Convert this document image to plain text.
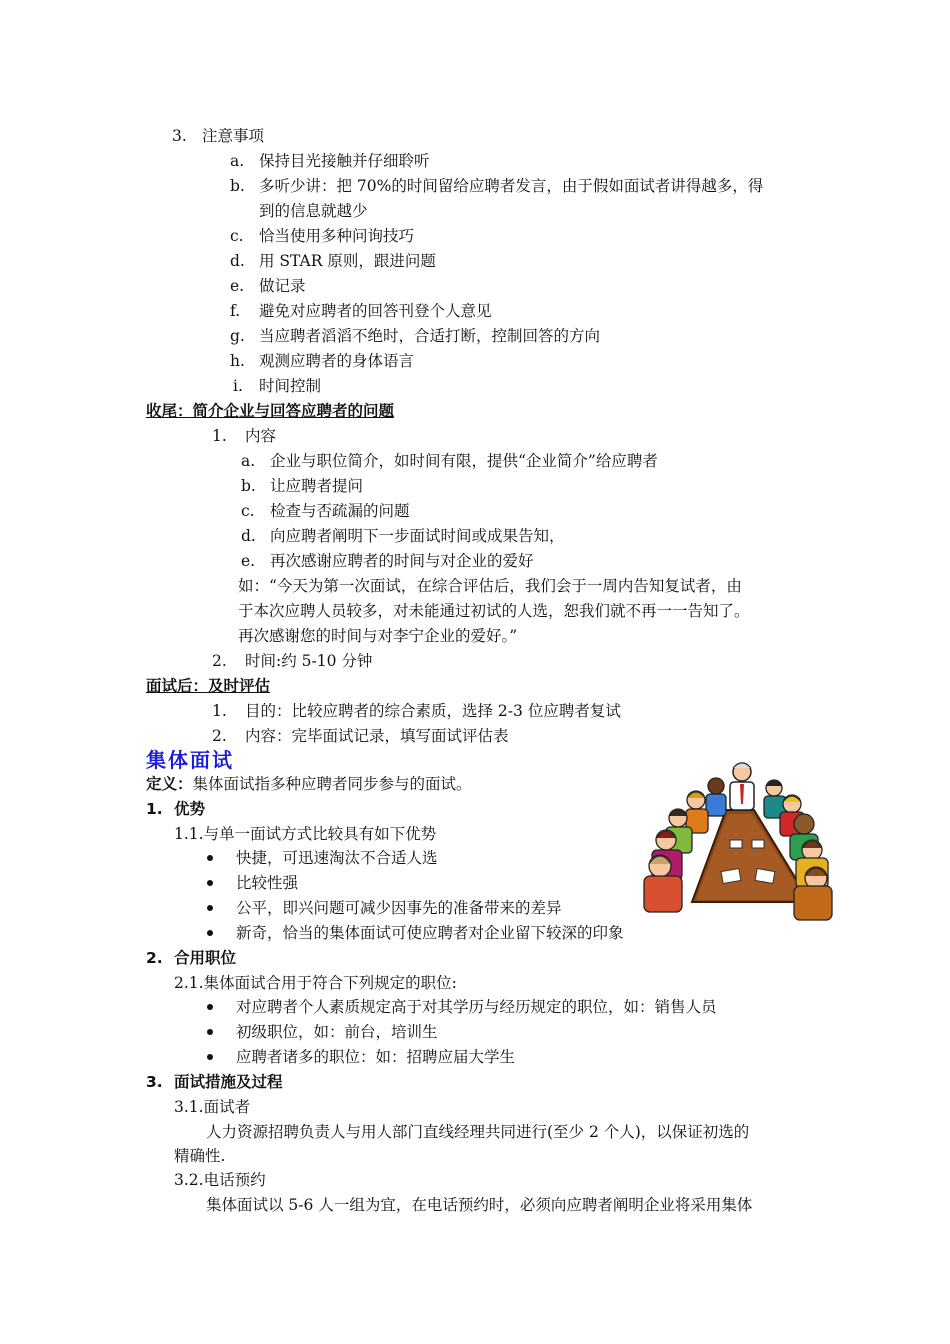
3. 注意事项
a. 保持目光接触并仔细聆听
b. 多听少讲：把 70%的时间留给应聘者发言，由于假如面试者讲得越多，得
到的信息就越少
c. 恰当使用多种问询技巧
d. 用 STAR 原则，跟进问题
e. 做记录
f. 避免对应聘者的回答刊登个人意见
g. 当应聘者滔滔不绝时，合适打断，控制回答的方向
h. 观测应聘者的身体语言
i. 时间控制
收尾：简介企业与回答应聘者的问题
1. 内容
a. 企业与职位简介，如时间有限，提供“企业简介”给应聘者
b. 让应聘者提问
c. 检查与否疏漏的问题
d. 向应聘者阐明下一步面试时间或成果告知，
e. 再次感谢应聘者的时间与对企业的爱好
如：“今天为第一次面试，在综合评估后，我们会于一周内告知复试者，由
于本次应聘人员较多，对未能通过初试的人选，恕我们就不再一一告知了。
再次感谢您的时间与对李宁企业的爱好。”
2. 时间:约 5-10 分钟
面试后：及时评估
1. 目的：比较应聘者的综合素质，选择 2-3 位应聘者复试
2. 内容：完毕面试记录，填写面试评估表
集体面试
定义：集体面试指多种应聘者同步参与的面试。
1. 优势
1.1.与单一面试方式比较具有如下优势
快捷，可迅速淘汰不合适人选
比较性强
公平，即兴问题可减少因事先的准备带来的差异
新奇，恰当的集体面试可使应聘者对企业留下较深的印象
2. 合用职位
2.1.集体面试合用于符合下列规定的职位:
对应聘者个人素质规定高于对其学历与经历规定的职位，如：销售人员
初级职位，如：前台，培训生
应聘者诸多的职位：如：招聘应届大学生
3. 面试措施及过程
3.1.面试者
人力资源招聘负责人与用人部门直线经理共同进行(至少 2 个人)，以保证初选的
精确性.
3.2.电话预约
集体面试以 5-6 人一组为宜，在电话预约时，必须向应聘者阐明企业将采用集体
